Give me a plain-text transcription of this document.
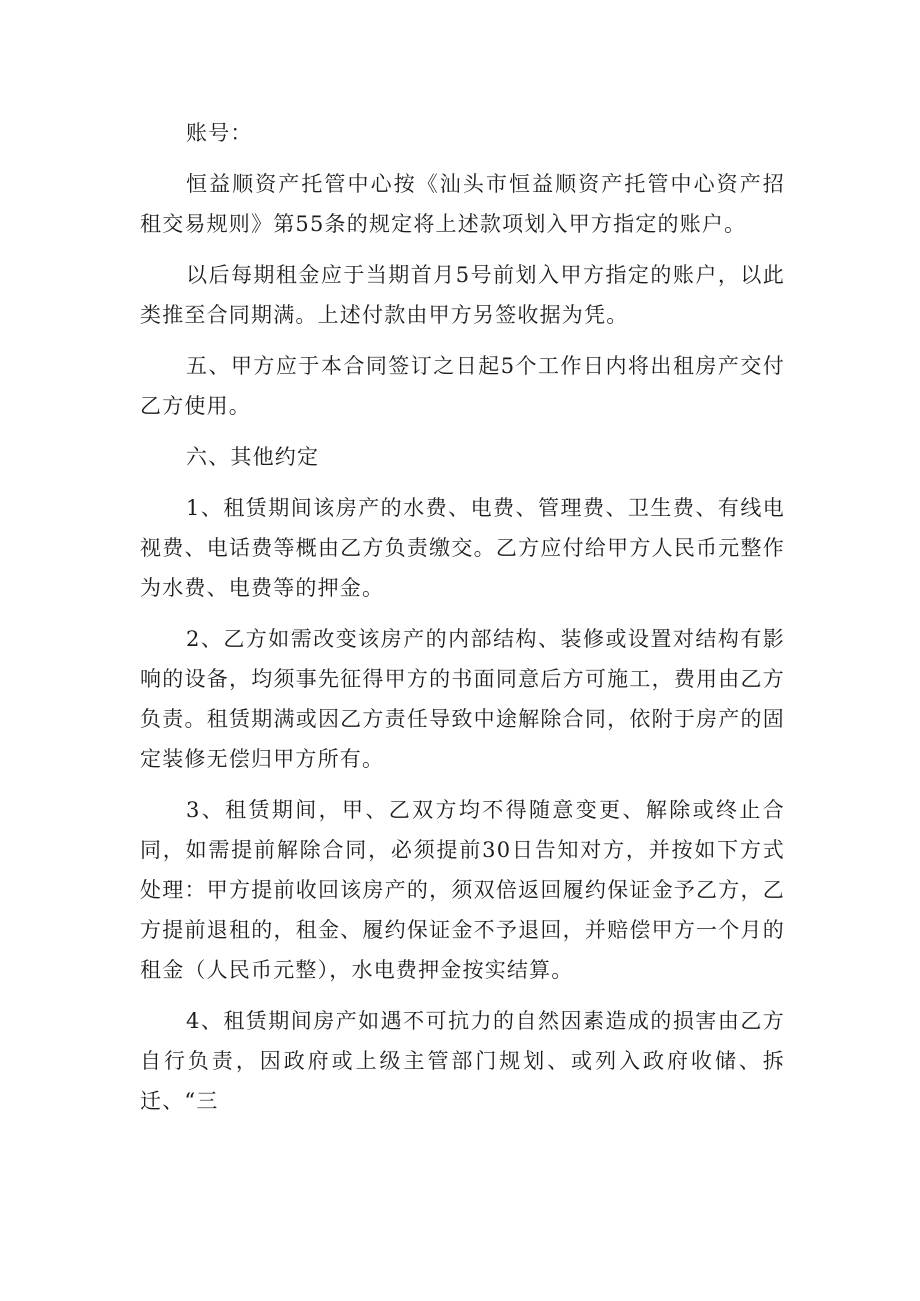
账号：

恒益顺资产托管中心按《汕头市恒益顺资产托管中心资产招租交易规则》第55条的规定将上述款项划入甲方指定的账户。

以后每期租金应于当期首月5号前划入甲方指定的账户，以此类推至合同期满。上述付款由甲方另签收据为凭。

五、甲方应于本合同签订之日起5个工作日内将出租房产交付乙方使用。

六、其他约定

1、租赁期间该房产的水费、电费、管理费、卫生费、有线电视费、电话费等概由乙方负责缴交。乙方应付给甲方人民币元整作为水费、电费等的押金。

2、乙方如需改变该房产的内部结构、装修或设置对结构有影响的设备，均须事先征得甲方的书面同意后方可施工，费用由乙方负责。租赁期满或因乙方责任导致中途解除合同，依附于房产的固定装修无偿归甲方所有。

3、租赁期间，甲、乙双方均不得随意变更、解除或终止合同，如需提前解除合同，必须提前30日告知对方，并按如下方式处理：甲方提前收回该房产的，须双倍返回履约保证金予乙方，乙方提前退租的，租金、履约保证金不予退回，并赔偿甲方一个月的租金（人民币元整），水电费押金按实结算。

4、租赁期间房产如遇不可抗力的自然因素造成的损害由乙方自行负责，因政府或上级主管部门规划、或列入政府收储、拆迁、“三
